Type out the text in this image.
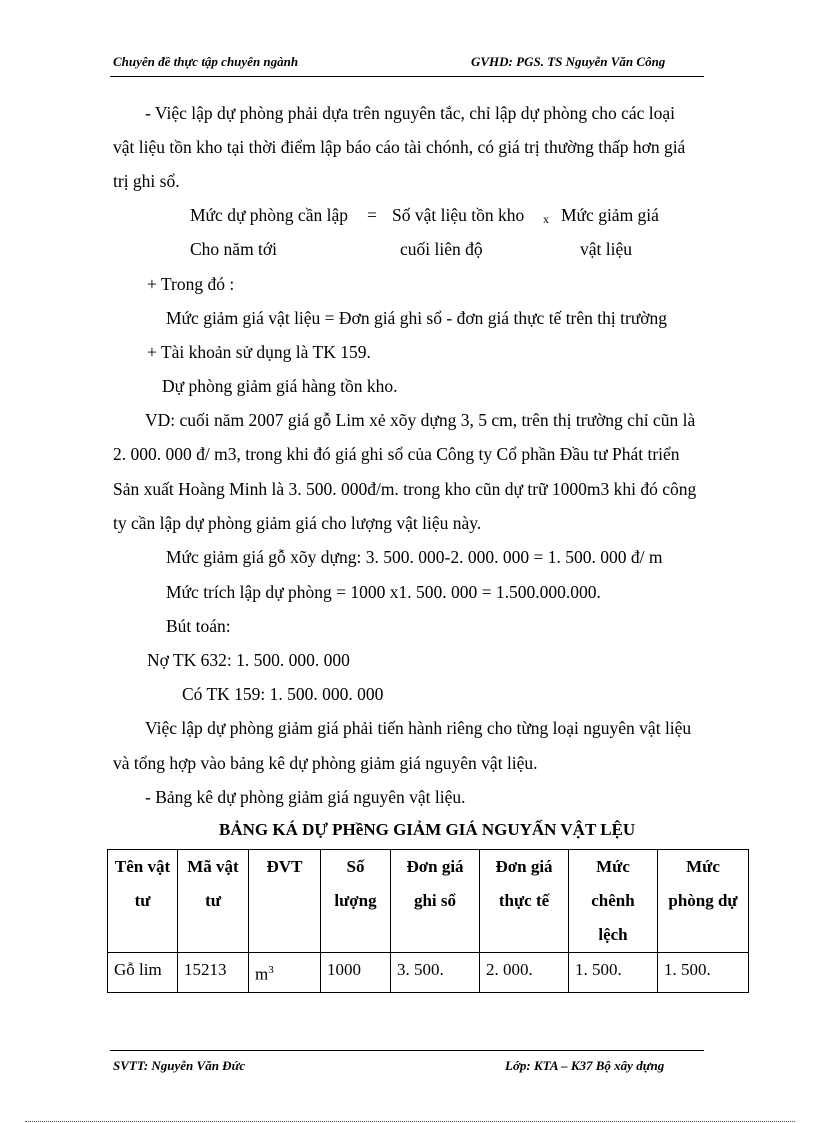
Chuyên đề thực tập chuyên ngành	GVHD: PGS. TS Nguyễn Văn Công
- Việc lập dự phòng phải dựa trên nguyên tắc, chỉ lập dự phòng cho các loại
vật liệu tồn kho tại thời điểm lập báo cáo tài chónh, có giá trị thường thấp hơn giá
trị ghi sổ.
Mức dự phòng cần lập = Số vật liệu tồn kho x Mức giảm giá
Cho năm tới	cuối liên độ	vật liệu
+ Trong đó :
Mức giảm giá vật liệu = Đơn giá ghi sổ - đơn giá thực tế trên thị trường
+ Tài khoản sử dụng là TK 159.
Dự phòng giảm giá hàng tồn kho.
VD: cuối năm 2007 giá gỗ Lim xẻ xõy dựng 3, 5 cm, trên thị trường chỉ cũn là
2. 000. 000 đ/ m3, trong khi đó giá ghi sổ của Công ty Cổ phần Đầu tư Phát triển
Sản xuất Hoàng Minh là 3. 500. 000đ/m. trong kho cũn dự trữ 1000m3 khi đó công
ty cần lập dự phòng giảm giá cho lượng vật liệu này.
Mức giảm giá gỗ xõy dựng: 3. 500. 000-2. 000. 000 = 1. 500. 000 đ/ m
Mức trích lập dự phòng = 1000 x1. 500. 000 = 1.500.000.000.
Bút toán:
Nợ TK 632: 1. 500. 000. 000
Có TK 159: 1. 500. 000. 000
Việc lập dự phòng giảm giá phải tiến hành riêng cho từng loại nguyên vật liệu
và tổng hợp vào bảng kê dự phòng giảm giá nguyên vật liệu.
- Bảng kê dự phòng giảm giá nguyên vật liệu.
BẢNG KÁ DỰ PHềNG GIẢM GIÁ NGUYẤN VẬT LỆU
Tên vật tư	Mã vật tư	ĐVT	Số lượng	Đơn giá ghi sổ	Đơn giá thực tế	Mức chênh lệch	Mức phòng dự
Gỗ lim	15213	$m^3$	1000	3. 500.	2. 000.	1. 500.	1. 500.
SVTT: Nguyễn Văn Đức	Lớp: KTA – K37 Bộ xây dựng
